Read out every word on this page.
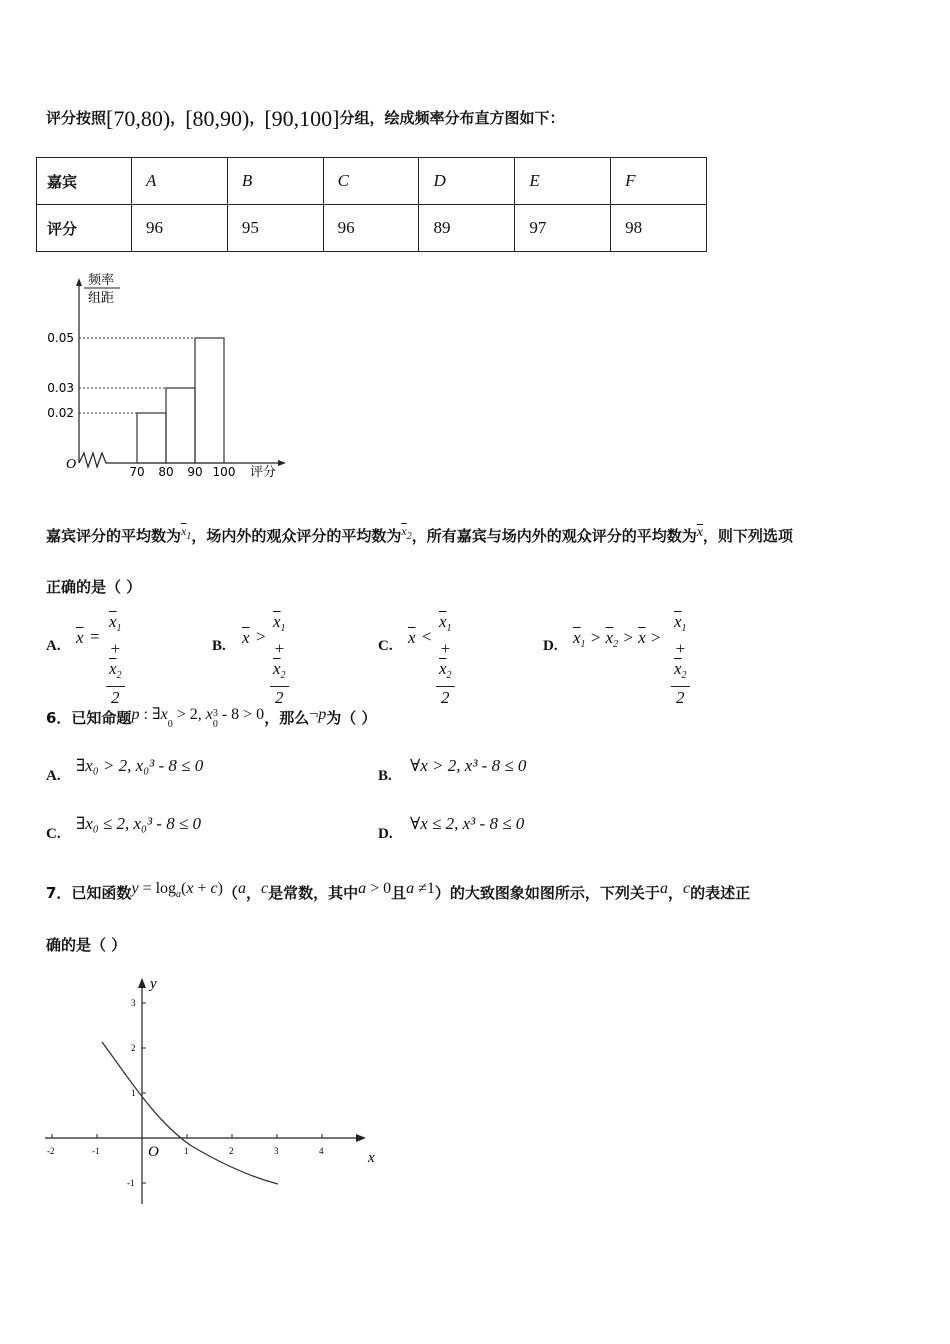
评分按照[70,80)，[80,90)，[90,100]分组，绘成频率分布直方图如下：
嘉宾	A	B	C	D	E	F
评分	96	95	96	89	97	98
频率
组距
O
评分
70 80 90 100
0.05
0.03
0.02
嘉宾评分的平均数为$^{\overline{x}_1}$，场内外的观众评分的平均数为$^{\overline{x}_2}$，所有嘉宾与场内外的观众评分的平均数为$\overline{x}$，则下列选项
正确的是（ ）
A. $\overline{x} = \frac{\overline{x}_1 + \overline{x}_2}{2}$	B. $\overline{x} > \frac{\overline{x}_1 + \overline{x}_2}{2}$	C. $\overline{x} < \frac{\overline{x}_1 + \overline{x}_2}{2}$	D. $\overline{x}_1 > \overline{x}_2 > \overline{x} > \frac{\overline{x}_1 + \overline{x}_2}{2}$
6．已知命题p : $\exists x_0 > 2$, $x_0^3 - 8 > 0$，那么¬p为（ ）
A.
∃x₀ > 2, x₀³ - 8 ≤ 0
B.
∀x > 2, x³ - 8 ≤ 0
C.
∃x₀ ≤ 2, x₀³ - 8 ≤ 0
D.
∀x ≤ 2, x³ - 8 ≤ 0
7．已知函数$y = \log_a(x + c)(a$，c是常数，其中a > 0且a ≠1）的大致图象如图所示，下列关于a，c的表述正
确的是（ ）
y
x
O
-2	-1	1	2	3	4
3
2
1
-1
